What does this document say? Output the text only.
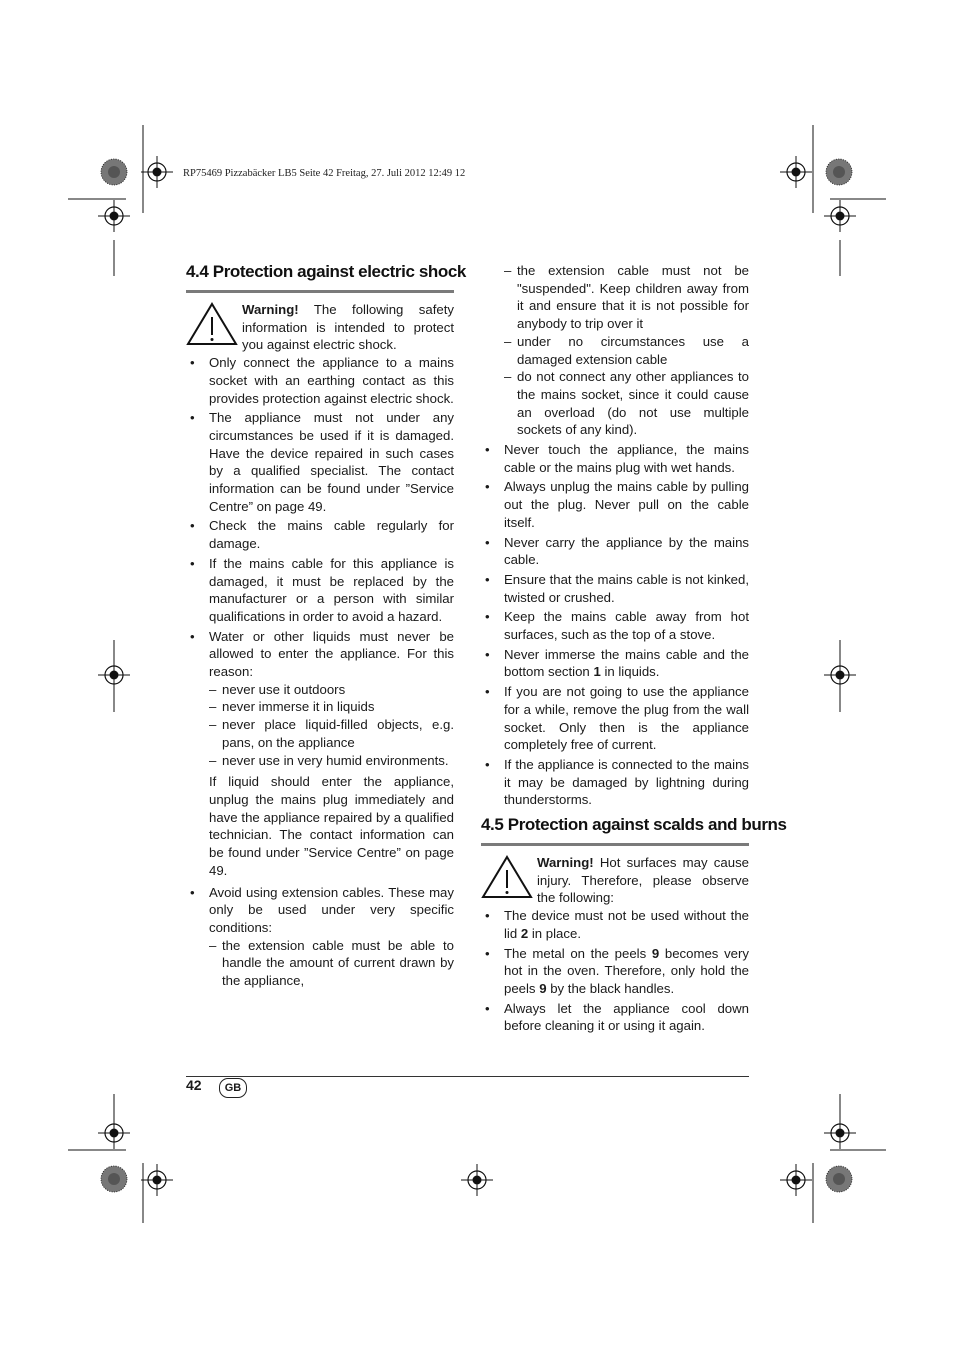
RP75469 Pizzabäcker LB5 Seite 42 Freitag, 27. Juli 2012 12:49 12
4.4 Protection against electric shock
Warning! The following safety information is intended to protect you against electric shock.
• Only connect the appliance to a mains socket with an earthing contact as this provides protection against electric shock.
• The appliance must not under any circumstances be used if it is damaged. Have the device repaired in such cases by a qualified specialist. The contact information can be found under ”Service Centre” on page 49.
• Check the mains cable regularly for damage.
• If the mains cable for this appliance is damaged, it must be replaced by the manufacturer or a person with similar qualifications in order to avoid a hazard.
• Water or other liquids must never be allowed to enter the appliance. For this reason:
– never use it outdoors
– never immerse it in liquids
– never place liquid-filled objects, e.g. pans, on the appliance
– never use in very humid environments.
If liquid should enter the appliance, unplug the mains plug immediately and have the appliance repaired by a qualified technician. The contact information can be found under ”Service Centre” on page 49.
• Avoid using extension cables. These may only be used under very specific conditions:
– the extension cable must be able to handle the amount of current drawn by the appliance,
– the extension cable must not be "suspended". Keep children away from it and ensure that it is not possible for anybody to trip over it
– under no circumstances use a damaged extension cable
– do not connect any other appliances to the mains socket, since it could cause an overload (do not use multiple sockets of any kind).
• Never touch the appliance, the mains cable or the mains plug with wet hands.
• Always unplug the mains cable by pulling out the plug. Never pull on the cable itself.
• Never carry the appliance by the mains cable.
• Ensure that the mains cable is not kinked, twisted or crushed.
• Keep the mains cable away from hot surfaces, such as the top of a stove.
• Never immerse the mains cable and the bottom section 1 in liquids.
• If you are not going to use the appliance for a while, remove the plug from the wall socket. Only then is the appliance completely free of current.
• If the appliance is connected to the mains it may be damaged by lightning during thunderstorms.
4.5 Protection against scalds and burns
Warning! Hot surfaces may cause injury. Therefore, please observe the following:
• The device must not be used without the lid 2 in place.
• The metal on the peels 9 becomes very hot in the oven. Therefore, only hold the peels 9 by the black handles.
• Always let the appliance cool down before cleaning it or using it again.
42	GB
